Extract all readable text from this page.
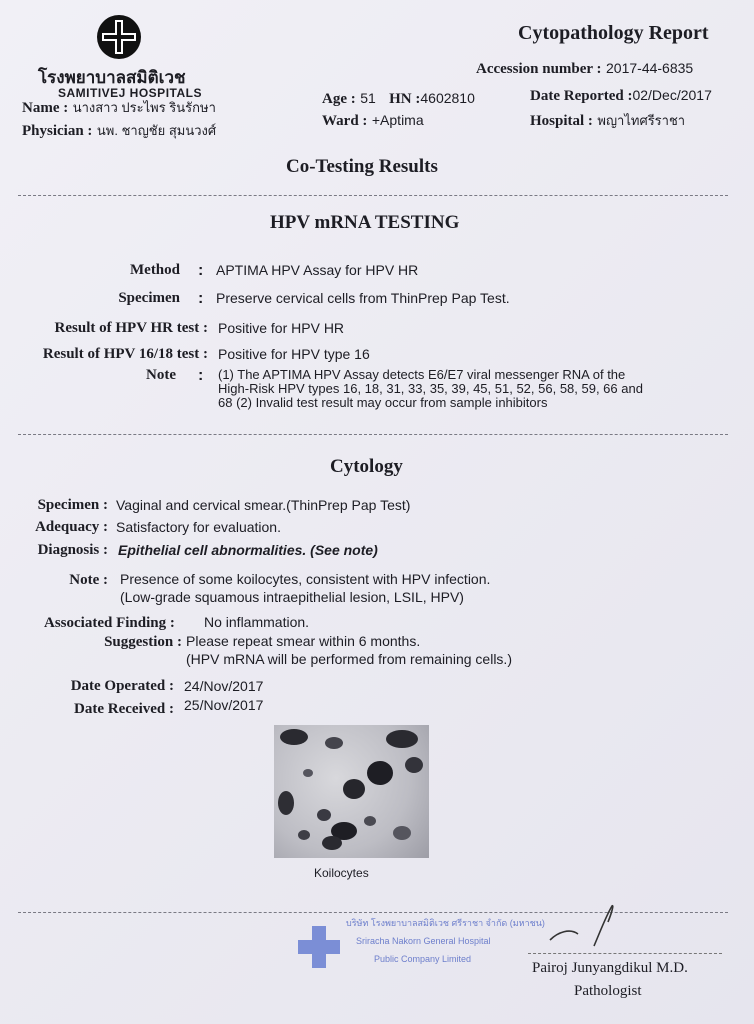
โรงพยาบาลสมิติเวช
SAMITIVEJ HOSPITALS
Cytopathology Report
Accession number : 2017-44-6835
Name : นางสาว ประไพร รินรักษา
Physician : นพ. ชาญชัย สุมนวงศ์
Age : 51 HN :4602810
Ward : +Aptima
Date Reported :02/Dec/2017
Hospital : พญาไทศรีราชา
Co-Testing Results
HPV mRNA TESTING
Method : APTIMA HPV Assay for HPV HR
Specimen : Preserve cervical cells from ThinPrep Pap Test.
Result of HPV HR test : Positive for HPV HR
Result of HPV 16/18 test : Positive for HPV type 16
Note : (1) The APTIMA HPV Assay detects E6/E7 viral messenger RNA of the
High-Risk HPV types 16, 18, 31, 33, 35, 39, 45, 51, 52, 56, 58, 59, 66 and
68 (2) Invalid test result may occur from sample inhibitors
Cytology
Specimen : Vaginal and cervical smear.(ThinPrep Pap Test)
Adequacy : Satisfactory for evaluation.
Diagnosis : Epithelial cell abnormalities. (See note)
Note : Presence of some koilocytes, consistent with HPV infection.
(Low-grade squamous intraepithelial lesion, LSIL, HPV)
Associated Finding : No inflammation.
Suggestion : Please repeat smear within 6 months.
(HPV mRNA will be performed from remaining cells.)
Date Operated : 24/Nov/2017
Date Received : 25/Nov/2017
Koilocytes
บริษัท โรงพยาบาลสมิติเวช ศรีราชา จำกัด (มหาชน)
Sriracha Nakorn General Hospital
Public Company Limited
Pairoj Junyangdikul M.D.
Pathologist
